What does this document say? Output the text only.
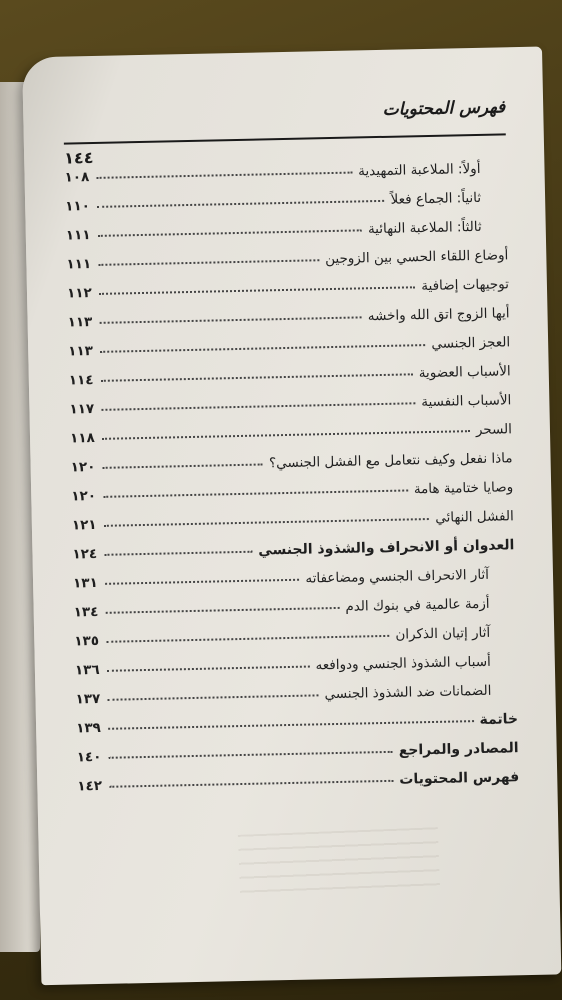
فهرس المحتويات
١٤٤
أولاً: الملاعبة التمهيدية
١٠٨
ثانياً: الجماع فعلاً
١١٠
ثالثاً: الملاعبة النهائية
١١١
أوضاع اللقاء الحسي بين الزوجين
١١١
توجيهات إضافية
١١٢
أيها الزوج اتق الله واخشه
١١٣
العجز الجنسي
١١٣
الأسباب العضوية
١١٤
الأسباب النفسية
١١٧
السحر
١١٨
ماذا نفعل وكيف نتعامل مع الفشل الجنسي؟
١٢٠
وصايا ختامية هامة
١٢٠
الفشل النهائي
١٢١
العدوان أو الانحراف والشذوذ الجنسي
١٢٤
آثار الانحراف الجنسي ومضاعفاته
١٣١
أزمة عالمية في بنوك الدم
١٣٤
آثار إتيان الذكران
١٣٥
أسباب الشذوذ الجنسي ودوافعه
١٣٦
الضمانات ضد الشذوذ الجنسي
١٣٧
خاتمة
١٣٩
المصادر والمراجع
١٤٠
فهرس المحتويات
١٤٢
